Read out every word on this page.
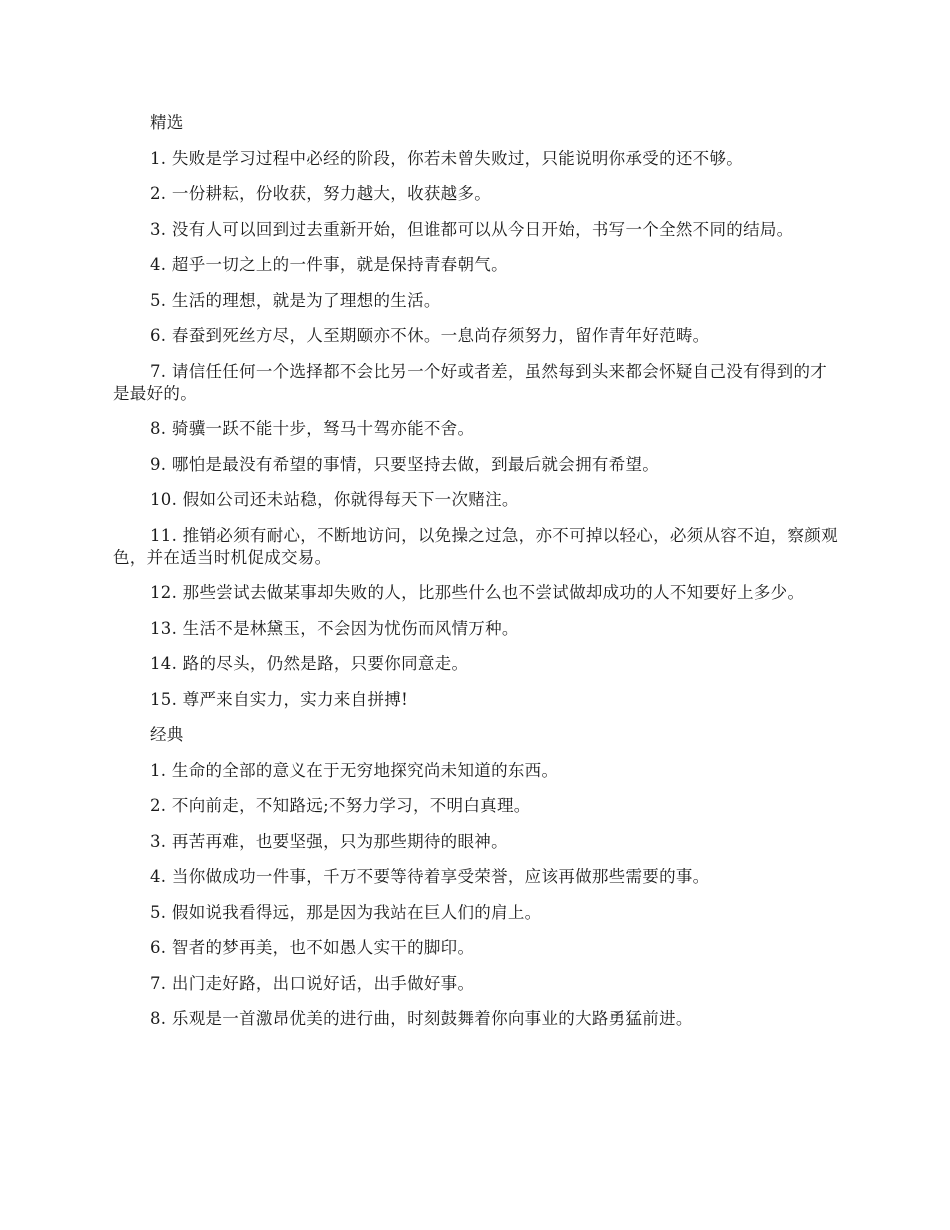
精选

1. 失败是学习过程中必经的阶段，你若未曾失败过，只能说明你承受的还不够。

2. 一份耕耘，份收获，努力越大，收获越多。

3. 没有人可以回到过去重新开始，但谁都可以从今日开始，书写一个全然不同的结局。

4. 超乎一切之上的一件事，就是保持青春朝气。

5. 生活的理想，就是为了理想的生活。

6. 春蚕到死丝方尽，人至期颐亦不休。一息尚存须努力，留作青年好范畴。

7. 请信任任何一个选择都不会比另一个好或者差，虽然每到头来都会怀疑自己没有得到的才是最好的。

8. 骑骥一跃不能十步，驽马十驾亦能不舍。

9. 哪怕是最没有希望的事情，只要坚持去做，到最后就会拥有希望。

10. 假如公司还未站稳，你就得每天下一次赌注。

11. 推销必须有耐心，不断地访问，以免操之过急，亦不可掉以轻心，必须从容不迫，察颜观色，并在适当时机促成交易。

12. 那些尝试去做某事却失败的人，比那些什么也不尝试做却成功的人不知要好上多少。

13. 生活不是林黛玉，不会因为忧伤而风情万种。

14. 路的尽头，仍然是路，只要你同意走。

15. 尊严来自实力，实力来自拼搏!

经典

1. 生命的全部的意义在于无穷地探究尚未知道的东西。

2. 不向前走，不知路远;不努力学习，不明白真理。

3. 再苦再难，也要坚强，只为那些期待的眼神。

4. 当你做成功一件事，千万不要等待着享受荣誉，应该再做那些需要的事。

5. 假如说我看得远，那是因为我站在巨人们的肩上。

6. 智者的梦再美，也不如愚人实干的脚印。

7. 出门走好路，出口说好话，出手做好事。

8. 乐观是一首激昂优美的进行曲，时刻鼓舞着你向事业的大路勇猛前进。
